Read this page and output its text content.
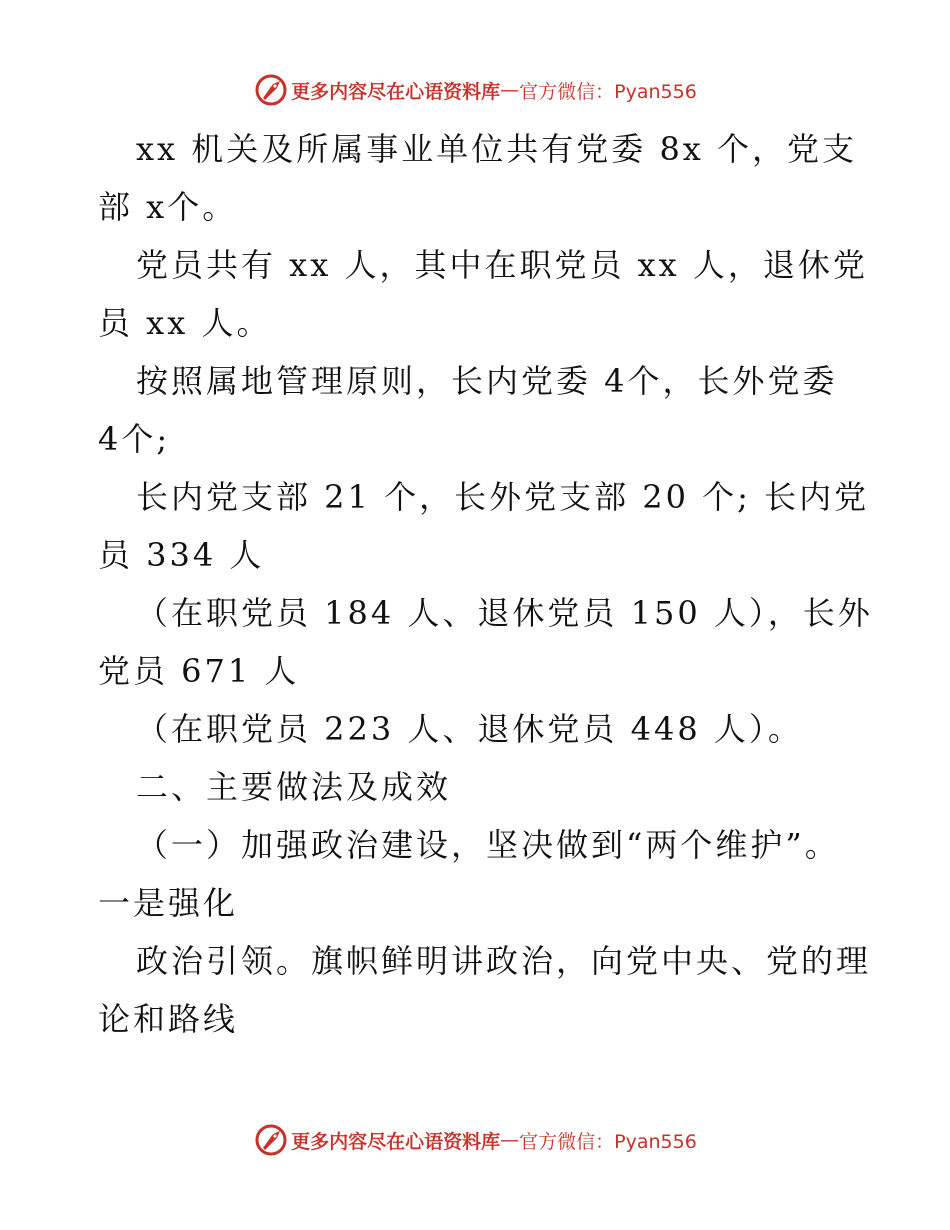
更多内容尽在心语资料库 — 官方微信：Pyan556
xx 机关及所属事业单位共有党委 8x 个，党支
部 x个。
党员共有 xx 人，其中在职党员 xx 人，退休党
员 xx 人。
按照属地管理原则，长内党委 4个，长外党委
4个;
长内党支部 21 个，长外党支部 20 个; 长内党
员 334 人
（在职党员 184 人、退休党员 150 人），长外
党员 671 人
（在职党员 223 人、退休党员 448 人）。
二、主要做法及成效
（一）加强政治建设，坚决做到“两个维护”。
一是强化
政治引领。旗帜鲜明讲政治，向党中央、党的理
论和路线
更多内容尽在心语资料库 — 官方微信：Pyan556
